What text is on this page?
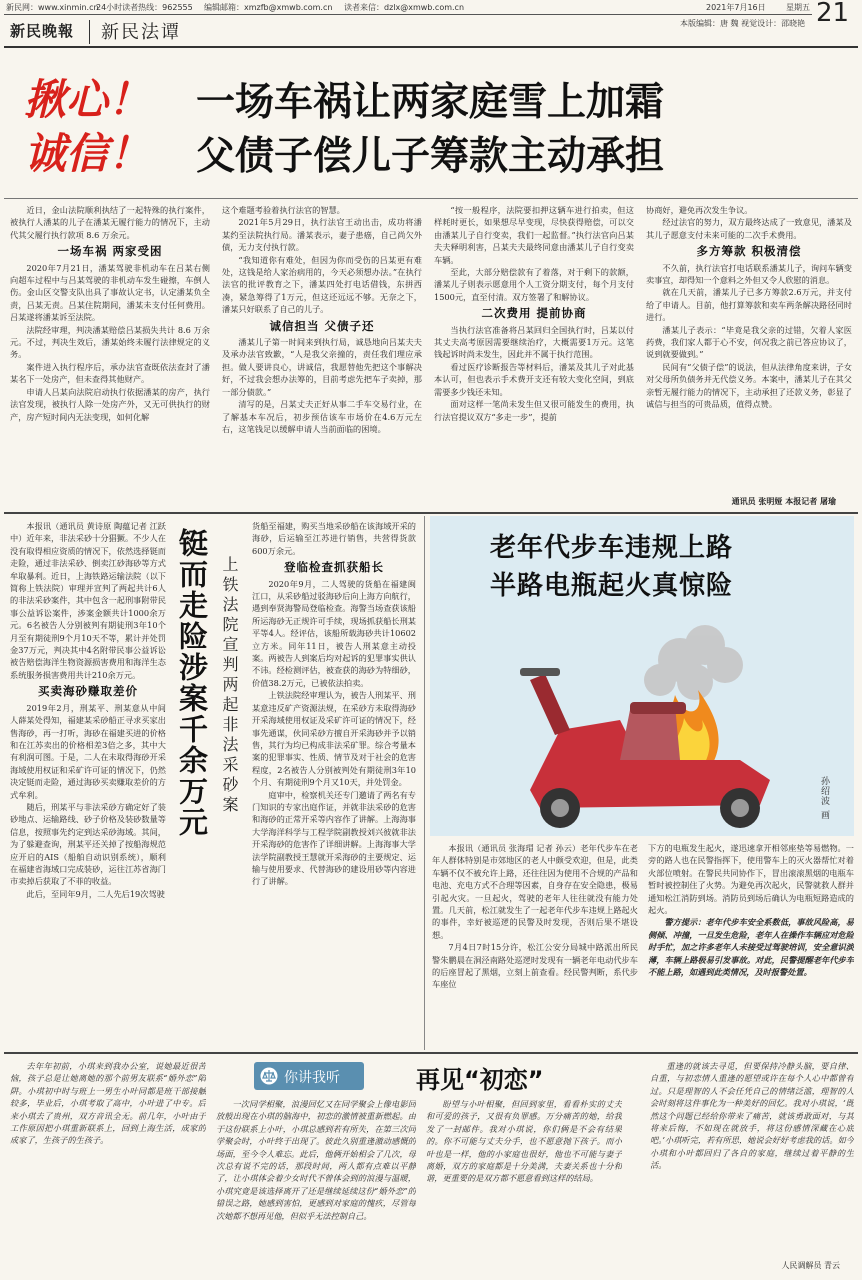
新民网：www.xinmin.cn
24小时读者热线：962555 编辑邮箱：xmzfb@xmwb.com.cn 读者来信：dzlx@xmwb.com.cn	2021年7月16日	星期五 21
新民晚報 新民法谭	本版编辑：唐 魏 视觉设计：邵晓艳
揪心！
诚信！
一场车祸让两家庭雪上加霜
父债子偿儿子筹款主动承担

近日，金山法院顺利执结了一起特殊的执行案件，被执行人潘某的儿子在潘某无履行能力的情况下，主动代其父履行执行款项 8.6 万余元。

一场车祸 两家受困

2020年7月21日，潘某驾驶非机动车在吕某右侧向超车过程中与吕某驾驶的非机动车发生碰擦，车倒人伤。金山区交警支队出具了事故认定书，认定潘某负全责，吕某无责。吕某住院期间，潘某未支付任何费用。吕某遂将潘某诉至法院。

法院经审理，判决潘某赔偿吕某损失共计 8.6 万余元。不过，判决生效后，潘某始终未履行法律规定的义务。

案件进入执行程序后，承办法官查既依法查封了潘某名下一处房产，但未查得其他财产。

申请人吕某向法院启动执行依据潘某的房产，执行法官发现，被执行人除一处房产外，又无可供执行的财产，房产短时间内无法变现，如何化解

这个难题考验着执行法官的智慧。

2021年5月29日，执行法官王动出击，成功将潘某约至法院执行局。潘某表示，妻子患癌，自己尚欠外债，无力支付执行款。

“我知道你有难处，但因为你而受伤的吕某更有难处，这钱是给人家治病用的，今天必须想办法。”在执行法官的批评教育之下，潘某四处打电话借钱，东拼西凑，紧急筹得了1万元，但这还远远不够。无奈之下，潘某只好联系了自己的儿子。

诚信担当 父债子还

潘某儿子第一时间来到执行局，诚恳地向吕某夫夫及承办法官致歉，“人是我父亲撞的，责任我们理应承担。做人要讲良心，讲诚信，我愿替他先把这个事解决好，不过我会想办法筹的，目前考虑先把车子卖掉，那一部分债款。”

清写的是，吕某丈夫正好从事二手车交易行业，在了解基本车况后，初步预估该车市场价在4.6万元左右，这笔钱足以缓解申请人当前面临的困境。

“按一般程序，法院要扣押这辆车进行拍卖，但这样耗时更长，如果想尽早变现，尽快获得赔偿，可以交由潘某儿子自行变卖，我们一起监督。”执行法官向吕某夫夫释明利害，吕某夫夫最终同意由潘某儿子自行变卖车辆。

至此，大部分赔偿款有了着落，对于剩下的款额，潘某儿子则表示愿意用个人工资分期支付，每个月支付1500元，直至付清。双方签署了和解协议。

二次费用 提前协商

当执行法官准备将吕某回归全国执行时，吕某以付其丈夫高考原因需要继续治疗，大概需要1万元。这笔钱起诉时尚未发生，因此并不属于执行范围。

看过医疗诊断报告等材料后，潘某及其儿子对此基本认可，但也表示手术费开支还有较大变化空间，到底需要多少钱还未知。

面对这样一笔尚未发生但又很可能发生的费用，执行法官提议双方“多走一步”，提前

协商好，避免再次发生争议。

经过法官的努力，双方最终达成了一致意见，潘某及其儿子愿意支付未来可能的二次手术费用。

多方筹款 积极清偿

不久前，执行法官打电话联系潘某儿子，询问车辆变卖事宜，却得知一个意料之外但又令人欣慰的消息。

就在几天前，潘某儿子已多方筹款2.6万元，并支付给了申请人。目前，他打算筹款和卖车两条解决路径同时进行。

潘某儿子表示：“毕竟是我父亲的过错，欠着人家医药费，我们家人都于心不安，何况我之前已答应协议了，说到就要做到。”

民间有“父债子偿”的说法，但从法律角度来讲，子女对父母所负债务并无代偿义务。本案中，潘某儿子在其父亲暂无履行能力的情况下，主动承担了还款义务，彰显了诚信与担当的可贵品质，值得点赞。

通讯员 张明娅 本报记者 屠瑜

本报讯（通讯员 黄诗原 陶蕴记者 江跃中）近年来，非法采砂十分猖獗。不少人在没有取得相应资质的情况下，依然选择铤而走险，通过非法采砂、倒卖江砂海砂等方式牟取暴利。近日，上海铁路运输法院（以下简称上铁法院）审理并宣判了两起共计6人的非法采砂案件，其中包含一起刑事附带民事公益诉讼案件，涉案金额共计1000余万元。6名被告人分别被判有期徒刑3年10个月至有期徒刑9个月10天不等，累计并处罚金37万元，判决其中4名附带民事公益诉讼被告赔偿海洋生物资源损害费用和海洋生态系统服务损害费用共计210余万元。

买卖海砂赚取差价

2019年2月，刑某平、刑某意从中间人薛某处得知，福建某采砂船正寻求买家出售海砂，再一打听，海砂在福建买进的价格和在江苏卖出的价格相差3倍之多，其中大有利润可图。于是，二人在未取得海砂开采海域使用权证和采矿许可证的情况下，仍然决定铤而走险，通过海砂买卖赚取差价的方式牟利。

随后，刑某平与非法采砂方确定好了装砂地点、运输路线、砂子价格及装砂数量等信息，按照事先约定到达采砂海域。其间，为了躲避查询，刑某平还关掉了按船海规范应开启的AIS（船舶自动识别系统），顺利在福建省海域口完成装砂，运往江苏省海门市卖掉后获取了不菲的收益。

此后，至同年9月，二人先后19次驾驶

铤而走险涉案千余万元 上铁法院宣判两起非法采砂案

货船至福建，购买当地采砂船在该海域开采的海砂，后运输至江苏进行销售，共营得货款600万余元。

登临检查抓获船长

2020年9月，二人驾驶的货船在福建闽江口，从采砂船过驳海砂后向上海方向航行，遇到奉贤海警局登临检查。海警当场查获该船所运海砂无正规许可手续，现场抓获船长刑某平等4人。经评估，该船所载海砂共计10602立方米。同年11日，被告人刑某意主动投案。两被告人到案后均对起诉的犯罪事实供认不讳。经检测评估，被查获的海砂为特细砂，价值38.2万元，已被依法拍卖。

上铁法院经审理认为，被告人刑某平、刑某意违反矿产资源法规，在采砂方未取得海砂开采海域使用权证及采矿许可证的情况下，经事先通谋，伙同采砂方擅自开采海砂并予以销售，其行为均已构成非法采矿罪。综合考量本案的犯罪事实、性质、情节及对于社会的危害程度，2名被告人分别被判处有期徒刑3年10个月、有期徒刑9个月又10天，并处罚金。

庭审中，检察机关还专门邀请了两名有专门知识的专家出庭作证，并就非法采砂的危害和海砂的正常开采等内容作了讲解。上海海事大学海洋科学与工程学院副教授刘兴彼就非法开采海砂的危害作了详细讲解。上海海事大学法学院副教授王慧就开采海砂的主要规定、运输与使用要求、代替海砂的建设用砂等内容进行了讲解。

老年代步车违规上路
半路电瓶起火真惊险
孙绍波 画

本报讯（通讯员 张海瑁 记者 孙云）老年代步车在老年人群体特别是市郊地区的老人中颇受欢迎，但是，此类车辆不仅不被允许上路，还往往因为使用不合规的产品和电池、充电方式不合理等因素，自身存在安全隐患，极易引起火灾。一旦起火，驾驶的老年人往往就没有能力处置。几天前，松江就发生了一起老年代步车违规上路起火的事件，幸好被巡逻的民警及时发现，否则后果不堪设想。

7月4日7时15分许，松江公安分局城中路派出所民警朱鹏晨在洞泾南路处巡逻时发现有一辆老年电动代步车的后座冒起了黑烟，立刻上前查看。经民警判断，系代步车座位

下方的电瓶发生起火，遂迅速拿开相邻座垫等易燃物。一旁的路人也在民警指挥下，使用警车上的灭火器帮忙对着火部位喷射。在警民共同协作下，冒出滚滚黑烟的电瓶车暂时被控制住了火势。为避免再次起火，民警就救人群并通知松江消防到场。消防员到场后确认为电瓶短路造成的起火。

警方提示：老年代步车安全系数低，事故风险高，易侧倾、冲撞，一旦发生危险，老年人在操作车辆应对危险时手忙，加之许多老年人未接受过驾驶培训，安全意识淡薄，车辆上路极易引发事故。对此，民警提醒老年代步车不能上路，如遇到此类情况，及时报警处置。

去年年初前，小琪来到我办公室，说她最近很苦恼，孩子总是让她离她的那个前男友联系“婚外恋”陷阱。小琪初中时与班上一男生小叶同都是班干部接触较多，毕业后，小琪考取了高中，小叶进了中专。后来小琪去了贵州，双方音讯全无。前几年，小叶由于工作原因把小琪重新联系上，回到上海生活，成家的成家了，生孩子的生孩子。

你讲我听	再见“初恋”

一次同学相聚，浪漫回忆又在同学聚会上像电影回放般出现在小琪的脑海中，初恋的激情被重新燃起。由于这份联系上小叶，小琪总感到若有所失，在第三次同学聚会时，小叶终于出现了。彼此久别重逢激动感慨的场面，至今令人难忘。此后，他俩开始相会了几次，母次总有说不完的话，那段时间，两人都有点难以平静了，让小琪体会着少女时代不曾体会到的浪漫与温暖，小琪究竟是该选择离开了还是继续延续这份“婚外恋”的错误之路，她感到害怕，更感到对家庭的愧疚，尽管每次她都不想再见他，但似乎无法控制自己。

盼望与小叶相聚，但回到家里，看看朴实的丈夫和可爱的孩子，又很有负罪感。万分痛苦的她，给我发了一封邮件。我对小琪说，你们俩是不会有结果的。你不可能与丈夫分手，也不愿意抛下孩子。而小叶也是一样，他的小家庭也很好，他也不可能与妻子离婚，双方的家庭都是十分美满，夫妻关系也十分和谐，更重要的是双方都不愿意看到这样的结局。

重逢的就该去寻觅，但要保持冷静头脑，要自律、自重，与初恋情人重逢的愿望或许在每个人心中都曾有过。只是理智的人不会任凭自己的情绪泛滥，理智的人会时刻将这件事化为一种美好的回忆。我对小琪说，‘既然这个问题已经给你带来了痛苦，就该勇敢面对，与其将来后悔，不如现在就放手，将这份感情深藏在心底吧。’小琪听完，若有所思，她说会好好考虑我的话。如今小琪和小叶都回归了各自的家庭，继续过着平静的生活。

人民调解员 青云
